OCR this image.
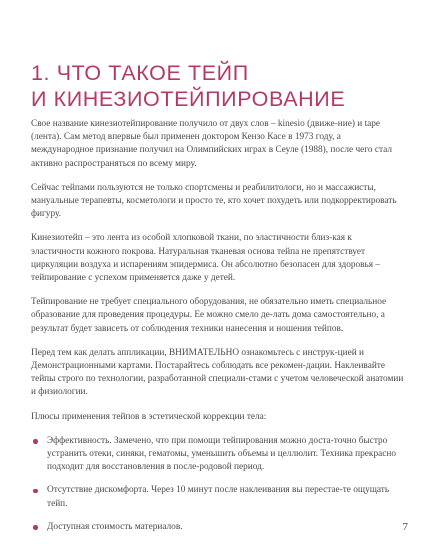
1. ЧТО ТАКОЕ ТЕЙП
И КИНЕЗИОТЕЙПИРОВАНИЕ

Свое название кинезиотейпирование получило от двух слов – kinesio (движе-ние) и tape (лента). Сам метод впервые был применен доктором Кензо Касе в 1973 году, а международное признание получил на Олимпийских играх в Сеуле (1988), после чего стал активно распространяться по всему миру.

Сейчас тейпами пользуются не только спортсмены и реабилитологи, но и массажисты, мануальные терапевты, косметологи и просто те, кто хочет похудеть или подкорректировать фигуру.

Кинезиотейп – это лента из особой хлопковой ткани, по эластичности близ-кая к эластичности кожного покрова. Натуральная тканевая основа тейпа не препятствует циркуляции воздуха и испарениям эпидермиса. Он абсолютно безопасен для здоровья – тейпирование с успехом применяется даже у детей.

Тейпирование не требует специального оборудования, не обязательно иметь специальное образование для проведения процедуры. Ее можно смело де-лать дома самостоятельно, а результат будет зависеть от соблюдения техники нанесения и ношения тейпов.

Перед тем как делать аппликации, ВНИМАТЕЛЬНО ознакомьтесь с инструк-цией и Демонстрационными картами. Постарайтесь соблюдать все рекомен-дации. Наклеивайте тейпы строго по технологии, разработанной специали-стами с учетом человеческой анатомии и физиологии.

Плюсы применения тейпов в эстетической коррекции тела:

Эффективность. Замечено, что при помощи тейпирования можно доста-точно быстро устранить отеки, синяки, гематомы, уменьшить объемы и целлюлит. Техника прекрасно подходит для восстановления в после-родовой период.
Отсутствие дискомфорта. Через 10 минут после наклеивания вы перестае-те ощущать тейп.
Доступная стоимость материалов.	7
